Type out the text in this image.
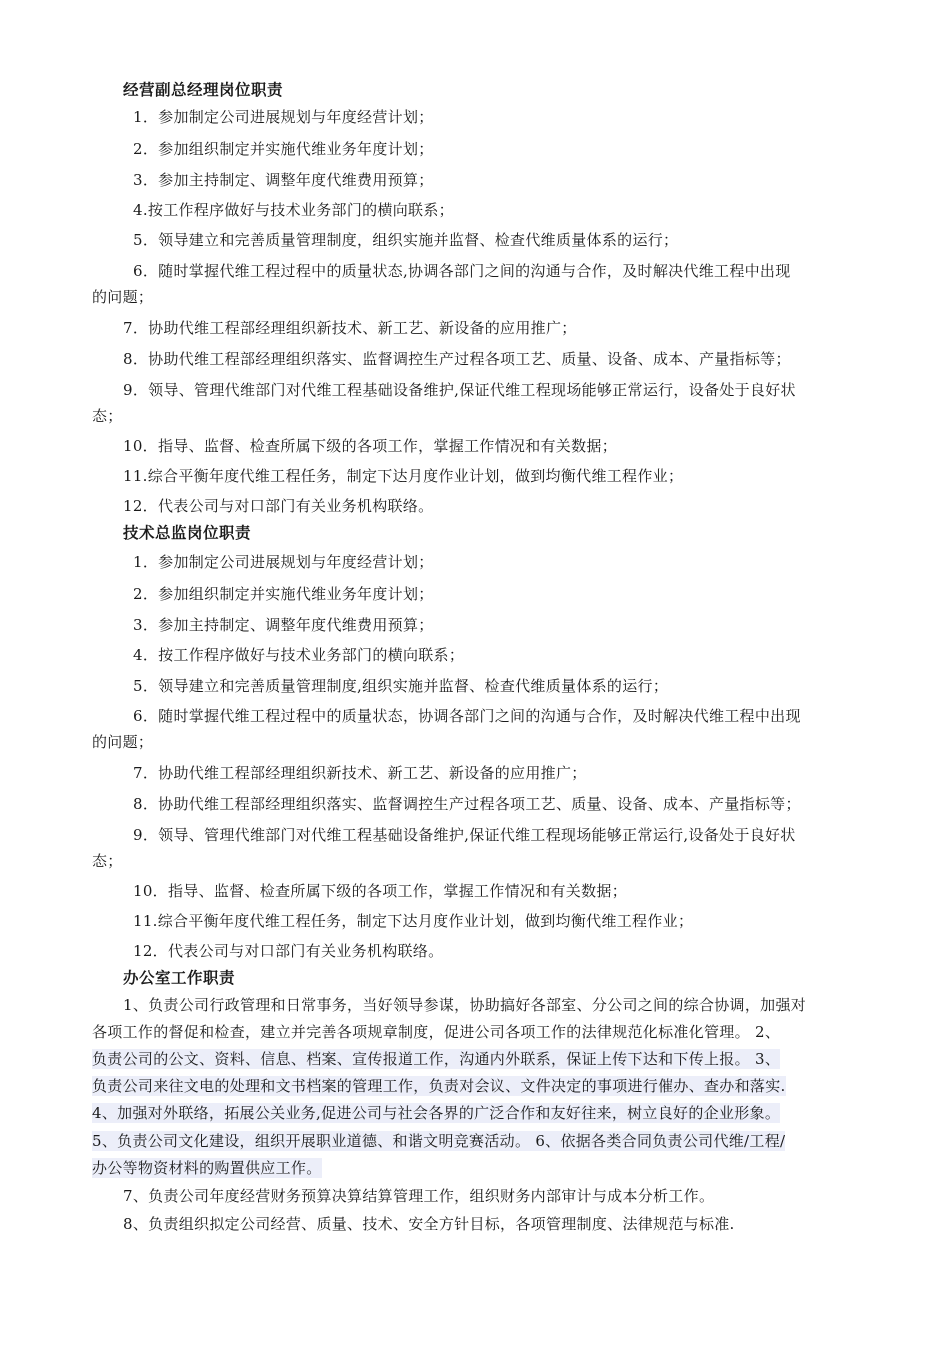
经营副总经理岗位职责
1．参加制定公司进展规划与年度经营计划；
2．参加组织制定并实施代维业务年度计划；
3．参加主持制定、调整年度代维费用预算；
4.按工作程序做好与技术业务部门的横向联系；
5．领导建立和完善质量管理制度，组织实施并监督、检查代维质量体系的运行；
6．随时掌握代维工程过程中的质量状态,协调各部门之间的沟通与合作，及时解决代维工程中出现
的问题；
7．协助代维工程部经理组织新技术、新工艺、新设备的应用推广；
8．协助代维工程部经理组织落实、监督调控生产过程各项工艺、质量、设备、成本、产量指标等；
9．领导、管理代维部门对代维工程基础设备维护,保证代维工程现场能够正常运行，设备处于良好状
态；
10．指导、监督、检查所属下级的各项工作，掌握工作情况和有关数据；
11.综合平衡年度代维工程任务，制定下达月度作业计划，做到均衡代维工程作业；
12．代表公司与对口部门有关业务机构联络。
技术总监岗位职责
1．参加制定公司进展规划与年度经营计划；
2．参加组织制定并实施代维业务年度计划；
3．参加主持制定、调整年度代维费用预算；
4．按工作程序做好与技术业务部门的横向联系；
5．领导建立和完善质量管理制度,组织实施并监督、检查代维质量体系的运行；
6．随时掌握代维工程过程中的质量状态，协调各部门之间的沟通与合作，及时解决代维工程中出现
的问题；
7．协助代维工程部经理组织新技术、新工艺、新设备的应用推广；
8．协助代维工程部经理组织落实、监督调控生产过程各项工艺、质量、设备、成本、产量指标等；
9．领导、管理代维部门对代维工程基础设备维护,保证代维工程现场能够正常运行,设备处于良好状
态；
10．指导、监督、检查所属下级的各项工作，掌握工作情况和有关数据；
11.综合平衡年度代维工程任务，制定下达月度作业计划，做到均衡代维工程作业；
12．代表公司与对口部门有关业务机构联络。
办公室工作职责
1、负责公司行政管理和日常事务，当好领导参谋，协助搞好各部室、分公司之间的综合协调，加强对
各项工作的督促和检查，建立并完善各项规章制度，促进公司各项工作的法律规范化标准化管理。 2、
负责公司的公文、资料、信息、档案、宣传报道工作，沟通内外联系，保证上传下达和下传上报。 3、
负责公司来往文电的处理和文书档案的管理工作，负责对会议、文件决定的事项进行催办、查办和落实.
4、加强对外联络，拓展公关业务,促进公司与社会各界的广泛合作和友好往来，树立良好的企业形象。
5、负责公司文化建设，组织开展职业道德、和谐文明竞赛活动。 6、依据各类合同负责公司代维/工程/
办公等物资材料的购置供应工作。
7、负责公司年度经营财务预算决算结算管理工作，组织财务内部审计与成本分析工作。
8、负责组织拟定公司经营、质量、技术、安全方针目标，各项管理制度、法律规范与标准.
